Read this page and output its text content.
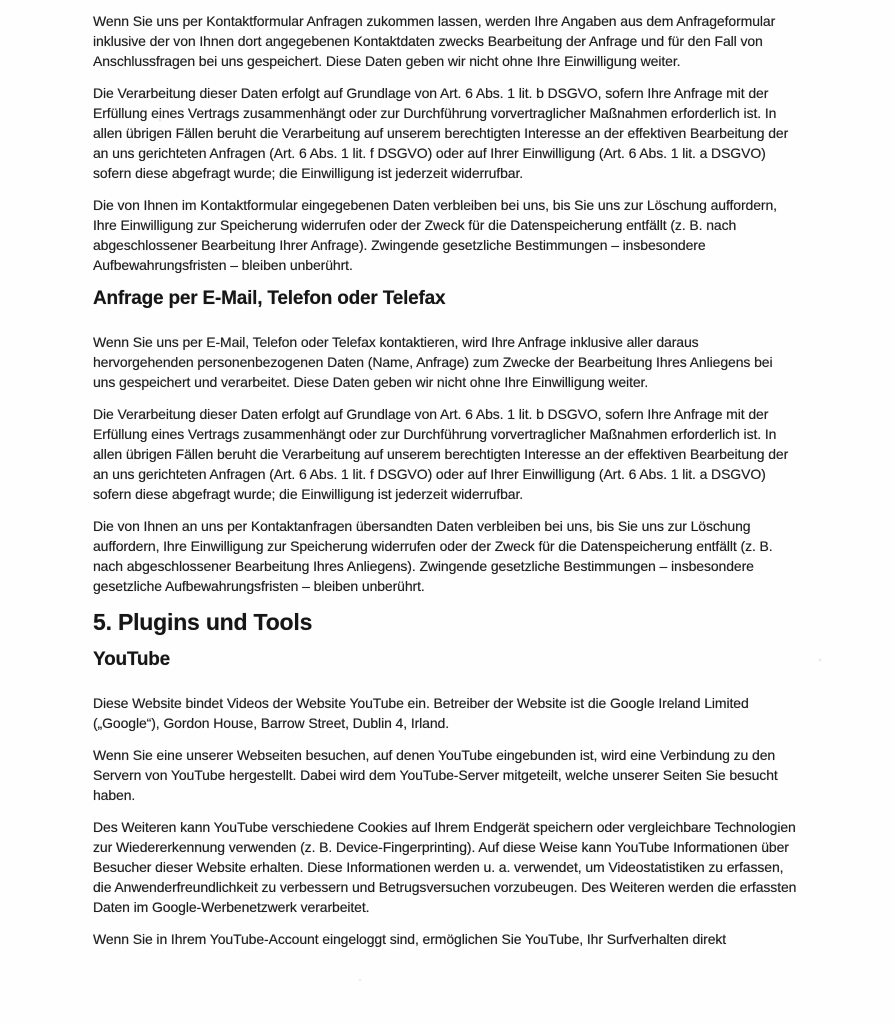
Wenn Sie uns per Kontaktformular Anfragen zukommen lassen, werden Ihre Angaben aus dem Anfrageformular inklusive der von Ihnen dort angegebenen Kontaktdaten zwecks Bearbeitung der Anfrage und für den Fall von Anschlussfragen bei uns gespeichert. Diese Daten geben wir nicht ohne Ihre Einwilligung weiter.

Die Verarbeitung dieser Daten erfolgt auf Grundlage von Art. 6 Abs. 1 lit. b DSGVO, sofern Ihre Anfrage mit der Erfüllung eines Vertrags zusammenhängt oder zur Durchführung vorvertraglicher Maßnahmen erforderlich ist. In allen übrigen Fällen beruht die Verarbeitung auf unserem berechtigten Interesse an der effektiven Bearbeitung der an uns gerichteten Anfragen (Art. 6 Abs. 1 lit. f DSGVO) oder auf Ihrer Einwilligung (Art. 6 Abs. 1 lit. a DSGVO) sofern diese abgefragt wurde; die Einwilligung ist jederzeit widerrufbar.

Die von Ihnen im Kontaktformular eingegebenen Daten verbleiben bei uns, bis Sie uns zur Löschung auffordern, Ihre Einwilligung zur Speicherung widerrufen oder der Zweck für die Datenspeicherung entfällt (z. B. nach abgeschlossener Bearbeitung Ihrer Anfrage). Zwingende gesetzliche Bestimmungen – insbesondere Aufbewahrungsfristen – bleiben unberührt.

Anfrage per E-Mail, Telefon oder Telefax

Wenn Sie uns per E-Mail, Telefon oder Telefax kontaktieren, wird Ihre Anfrage inklusive aller daraus hervorgehenden personenbezogenen Daten (Name, Anfrage) zum Zwecke der Bearbeitung Ihres Anliegens bei uns gespeichert und verarbeitet. Diese Daten geben wir nicht ohne Ihre Einwilligung weiter.

Die Verarbeitung dieser Daten erfolgt auf Grundlage von Art. 6 Abs. 1 lit. b DSGVO, sofern Ihre Anfrage mit der Erfüllung eines Vertrags zusammenhängt oder zur Durchführung vorvertraglicher Maßnahmen erforderlich ist. In allen übrigen Fällen beruht die Verarbeitung auf unserem berechtigten Interesse an der effektiven Bearbeitung der an uns gerichteten Anfragen (Art. 6 Abs. 1 lit. f DSGVO) oder auf Ihrer Einwilligung (Art. 6 Abs. 1 lit. a DSGVO) sofern diese abgefragt wurde; die Einwilligung ist jederzeit widerrufbar.

Die von Ihnen an uns per Kontaktanfragen übersandten Daten verbleiben bei uns, bis Sie uns zur Löschung auffordern, Ihre Einwilligung zur Speicherung widerrufen oder der Zweck für die Datenspeicherung entfällt (z. B. nach abgeschlossener Bearbeitung Ihres Anliegens). Zwingende gesetzliche Bestimmungen – insbesondere gesetzliche Aufbewahrungsfristen – bleiben unberührt.

5. Plugins und Tools
YouTube

Diese Website bindet Videos der Website YouTube ein. Betreiber der Website ist die Google Ireland Limited („Google“), Gordon House, Barrow Street, Dublin 4, Irland.

Wenn Sie eine unserer Webseiten besuchen, auf denen YouTube eingebunden ist, wird eine Verbindung zu den Servern von YouTube hergestellt. Dabei wird dem YouTube-Server mitgeteilt, welche unserer Seiten Sie besucht haben.

Des Weiteren kann YouTube verschiedene Cookies auf Ihrem Endgerät speichern oder vergleichbare Technologien zur Wiedererkennung verwenden (z. B. Device-Fingerprinting). Auf diese Weise kann YouTube Informationen über Besucher dieser Website erhalten. Diese Informationen werden u. a. verwendet, um Videostatistiken zu erfassen, die Anwenderfreundlichkeit zu verbessern und Betrugsversuchen vorzubeugen. Des Weiteren werden die erfassten Daten im Google-Werbenetzwerk verarbeitet.

Wenn Sie in Ihrem YouTube-Account eingeloggt sind, ermöglichen Sie YouTube, Ihr Surfverhalten direkt
